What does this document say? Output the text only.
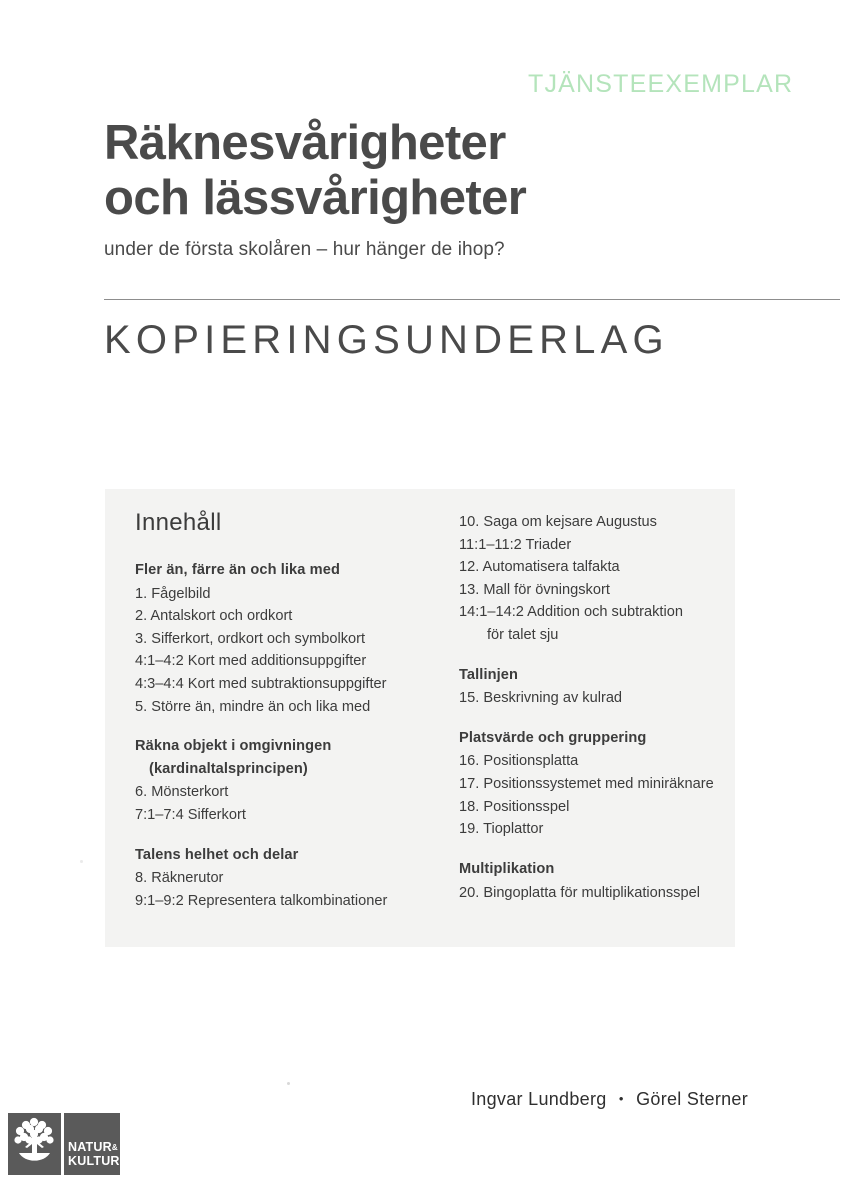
TJÄNSTEEXEMPLAR
Räknesvårigheter
och lässvårigheter
under de första skolåren – hur hänger de ihop?
KOPIERINGSUNDERLAG
Innehåll
Fler än, färre än och lika med
1. Fågelbild
2. Antalskort och ordkort
3. Sifferkort, ordkort och symbolkort
4:1–4:2 Kort med additionsuppgifter
4:3–4:4 Kort med subtraktionsuppgifter
5. Större än, mindre än och lika med
Räkna objekt i omgivningen
(kardinaltalsprincipen)
6. Mönsterkort
7:1–7:4 Sifferkort
Talens helhet och delar
8. Räknerutor
9:1–9:2 Representera talkombinationer
10. Saga om kejsare Augustus
11:1–11:2 Triader
12. Automatisera talfakta
13. Mall för övningskort
14:1–14:2 Addition och subtraktion
för talet sju
Tallinjen
15. Beskrivning av kulrad
Platsvärde och gruppering
16. Positionsplatta
17. Positionssystemet med miniräknare
18. Positionsspel
19. Tioplattor
Multiplikation
20. Bingoplatta för multiplikationsspel
Ingvar Lundberg • Görel Sterner
NATUR&
KULTUR
